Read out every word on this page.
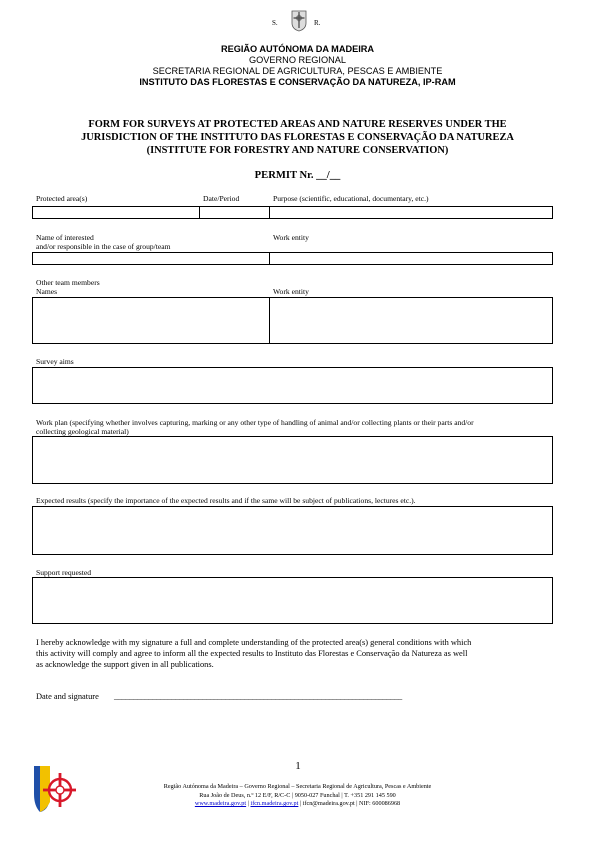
S.	R.
REGIÃO AUTÓNOMA DA MADEIRA
GOVERNO REGIONAL
SECRETARIA REGIONAL DE AGRICULTURA, PESCAS E AMBIENTE
INSTITUTO DAS FLORESTAS E CONSERVAÇÃO DA NATUREZA, IP-RAM
FORM FOR SURVEYS AT PROTECTED AREAS AND NATURE RESERVES UNDER THE
JURISDICTION OF THE INSTITUTO DAS FLORESTAS E CONSERVAÇÃO DA NATUREZA
(INSTITUTE FOR FORESTRY AND NATURE CONSERVATION)
PERMIT Nr. __/__
Protected area(s)	Date/Period	Purpose (scientific, educational, documentary, etc.)
Name of interested
and/or responsible in the case of group/team
Work entity
Other team members
Names	Work entity
Survey aims
Work plan (specifying whether involves capturing, marking or any other type of handling of animal and/or collecting plants or their parts and/or
collecting geological material)
Expected results (specify the importance of the expected results and if the same will be subject of publications, lectures etc.).
Support requested
I hereby acknowledge with my signature a full and complete understanding of the protected area(s) general conditions with which
this activity will comply and agree to inform all the expected results to Instituto das Florestas e Conservação da Natureza as well
as acknowledge the support given in all publications.
Date and signature ___________________________________________________________________________
1
Região Autónoma da Madeira – Governo Regional – Secretaria Regional de Agricultura, Pescas e Ambiente
Rua João de Deus, n.º 12 E/F, R/C-C | 9050-027 Funchal | T. +351 291 145 590
www.madeira.gov.pt | ifcn.madeira.gov.pt | ifcn@madeira.gov.pt | NIF: 600086968
